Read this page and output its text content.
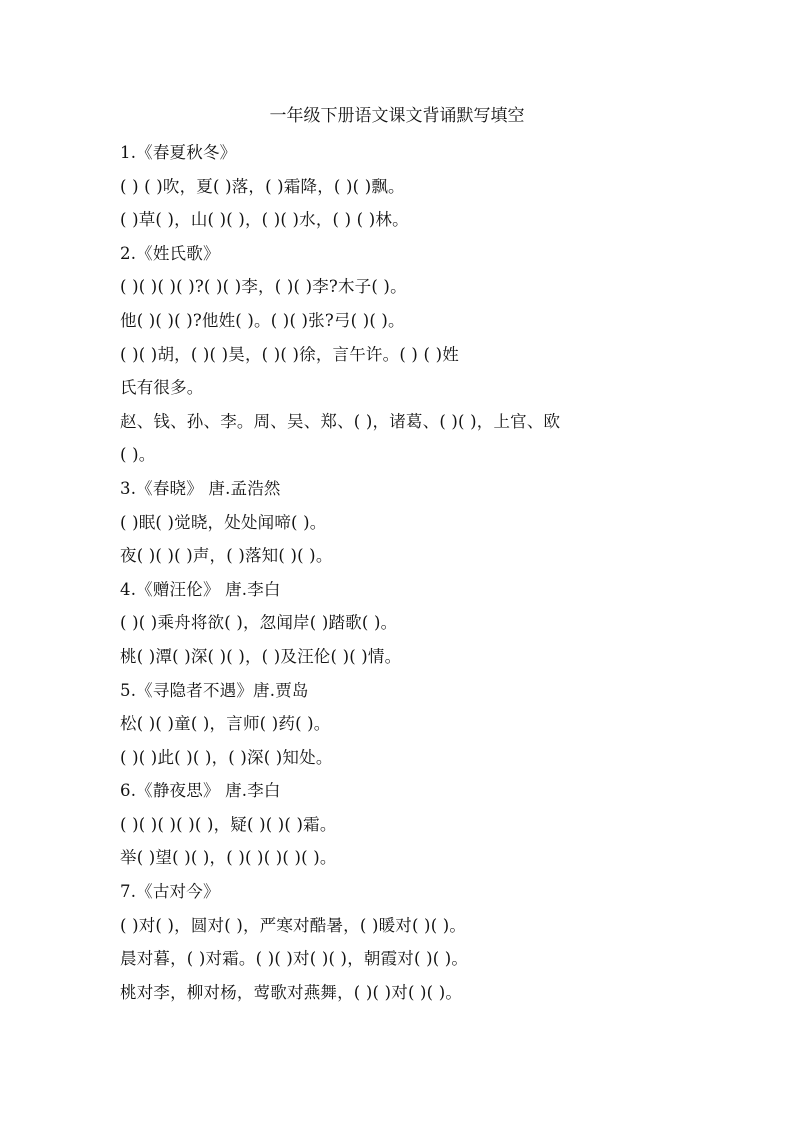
一年级下册语文课文背诵默写填空
1.《春夏秋冬》
( ) ( )吹，夏( )落，( )霜降，( )( )飘。
( )草( )，山( )( )，( )( )水，( ) ( )林。
2.《姓氏歌》
( )( )( )( )?( )( )李，( )( )李?木子( )。
他( )( )( )?他姓( )。( )( )张?弓( )( )。
( )( )胡，( )( )昊，( )( )徐，言午许。( ) ( )姓
氏有很多。
赵、钱、孙、李。周、吴、郑、( )，诸葛、( )( )，上官、欧
( )。
3.《春晓》 唐.孟浩然
( )眠( )觉晓，处处闻啼( )。
夜( )( )( )声，( )落知( )( )。
4.《赠汪伦》 唐.李白
( )( )乘舟将欲( )，忽闻岸( )踏歌( )。
桃( )潭( )深( )( )，( )及汪伦( )( )情。
5.《寻隐者不遇》唐.贾岛
松( )( )童( )，言师( )药( )。
( )( )此( )( )，( )深( )知处。
6.《静夜思》 唐.李白
( )( )( )( )( )，疑( )( )( )霜。
举( )望( )( )，( )( )( )( )( )。
7.《古对今》
( )对( )，圆对( )，严寒对酷暑，( )暖对( )( )。
晨对暮，( )对霜。( )( )对( )( )，朝霞对( )( )。
桃对李，柳对杨，莺歌对燕舞，( )( )对( )( )。
